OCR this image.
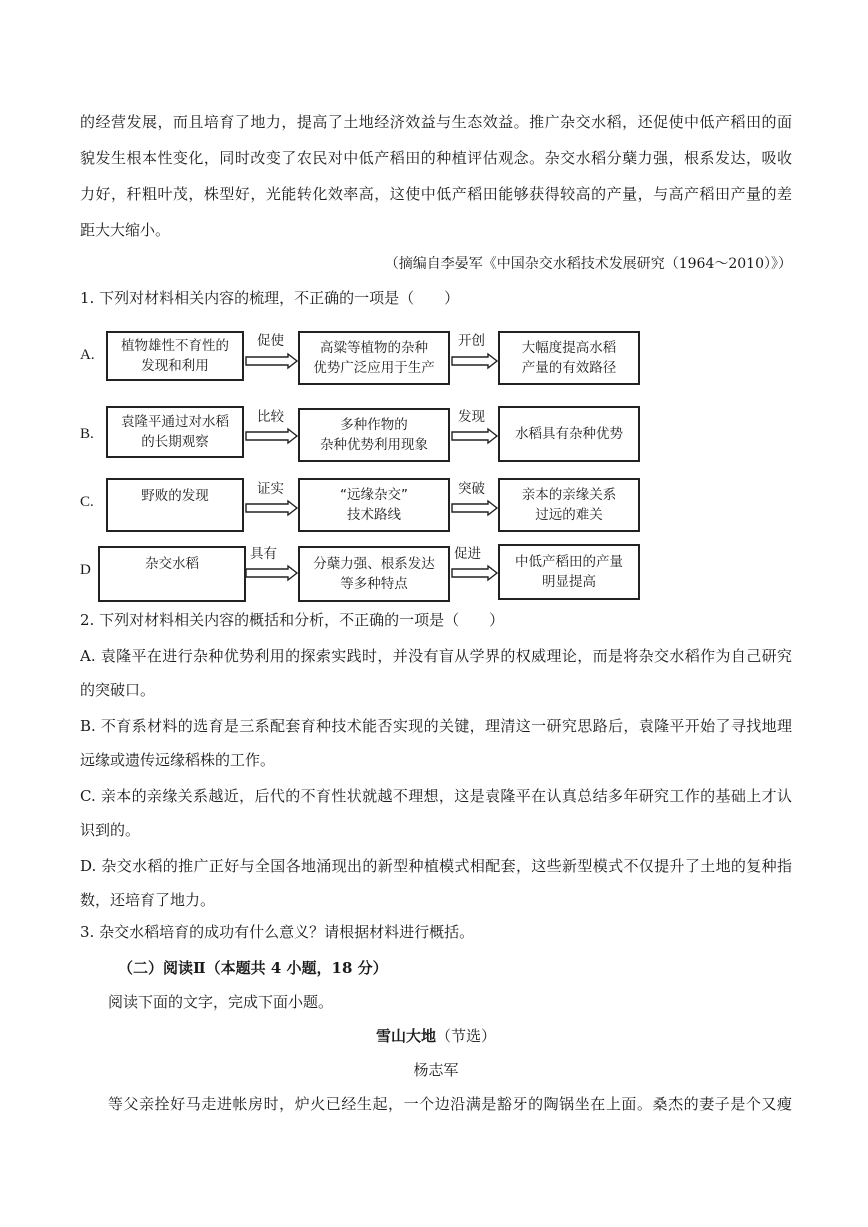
的经营发展，而且培育了地力，提高了土地经济效益与生态效益。推广杂交水稻，还促使中低产稻田的面
貌发生根本性变化，同时改变了农民对中低产稻田的种植评估观念。杂交水稻分蘖力强，根系发达，吸收
力好，秆粗叶茂，株型好，光能转化效率高，这使中低产稻田能够获得较高的产量，与高产稻田产量的差
距大大缩小。
（摘编自李晏军《中国杂交水稻技术发展研究（1964～2010）》）
1. 下列对材料相关内容的梳理，不正确的一项是（　　）
A.
植物雄性不育性的
发现和利用
促使	高粱等植物的杂种
优势广泛应用于生产
开创	大幅度提高水稻
产量的有效路径
B.
袁隆平通过对水稻
的长期观察
比较	多种作物的
杂种优势利用现象
发现
水稻具有杂种优势
C.	野败的发现	证实	“远缘杂交”
技术路线
突破	亲本的亲缘关系
过远的难关
D	杂交水稻
具有
分蘖力强、根系发达
等多种特点
促进	中低产稻田的产量
明显提高
2. 下列对材料相关内容的概括和分析，不正确的一项是（　　）
A. 袁隆平在进行杂种优势利用的探索实践时，并没有盲从学界的权威理论，而是将杂交水稻作为自己研究
的突破口。
B. 不育系材料的选育是三系配套育种技术能否实现的关键，理清这一研究思路后，袁隆平开始了寻找地理
远缘或遗传远缘稻株的工作。
C. 亲本的亲缘关系越近，后代的不育性状就越不理想，这是袁隆平在认真总结多年研究工作的基础上才认
识到的。
D. 杂交水稻的推广正好与全国各地涌现出的新型种植模式相配套，这些新型模式不仅提升了土地的复种指
数，还培育了地力。
3. 杂交水稻培育的成功有什么意义？请根据材料进行概括。
（二）阅读Ⅱ（本题共 4 小题，18 分）
阅读下面的文字，完成下面小题。
雪山大地（节选）
杨志军
等父亲拴好马走进帐房时，炉火已经生起，一个边沿满是豁牙的陶锅坐在上面。桑杰的妻子是个又瘦
